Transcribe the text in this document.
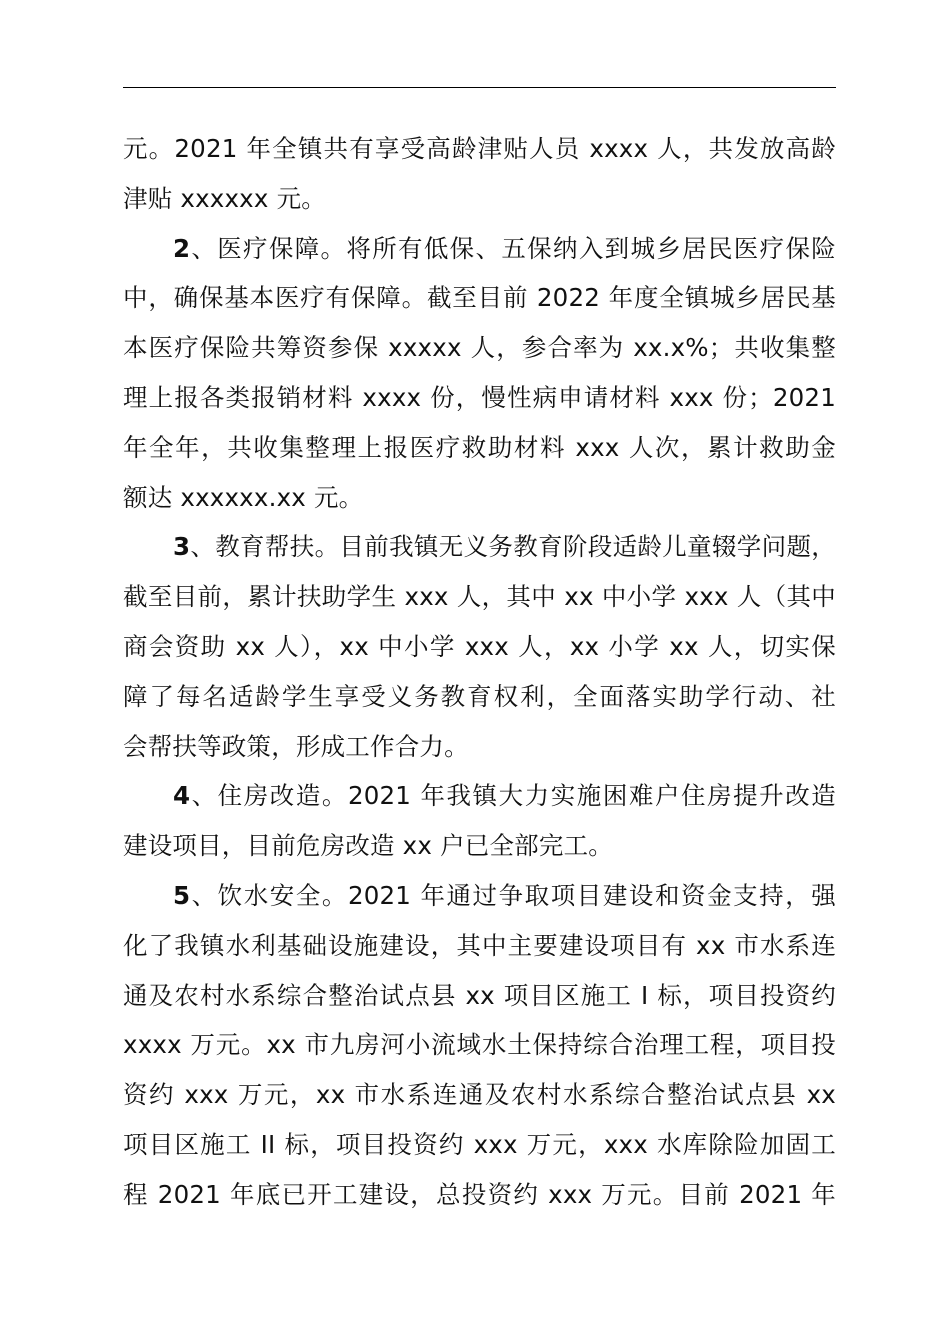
元。2021 年全镇共有享受高龄津贴人员 xxxx 人，共发放高龄
津贴 xxxxxx 元。
2、医疗保障。将所有低保、五保纳入到城乡居民医疗保险
中，确保基本医疗有保障。截至目前 2022 年度全镇城乡居民基
本医疗保险共筹资参保 xxxxx 人，参合率为 xx.x%；共收集整
理上报各类报销材料 xxxx 份，慢性病申请材料 xxx 份；2021
年全年，共收集整理上报医疗救助材料 xxx 人次，累计救助金
额达 xxxxxx.xx 元。
3、教育帮扶。目前我镇无义务教育阶段适龄儿童辍学问题，
截至目前，累计扶助学生 xxx 人，其中 xx 中小学 xxx 人（其中
商会资助 xx 人），xx 中小学 xxx 人，xx 小学 xx 人，切实保
障了每名适龄学生享受义务教育权利，全面落实助学行动、社
会帮扶等政策，形成工作合力。
4、住房改造。2021 年我镇大力实施困难户住房提升改造
建设项目，目前危房改造 xx 户已全部完工。
5、饮水安全。2021 年通过争取项目建设和资金支持，强
化了我镇水利基础设施建设，其中主要建设项目有 xx 市水系连
通及农村水系综合整治试点县 xx 项目区施工 I 标，项目投资约
xxxx 万元。xx 市九房河小流域水土保持综合治理工程，项目投
资约 xxx 万元，xx 市水系连通及农村水系综合整治试点县 xx
项目区施工 II 标，项目投资约 xxx 万元，xxx 水库除险加固工
程 2021 年底已开工建设，总投资约 xxx 万元。目前 2021 年
